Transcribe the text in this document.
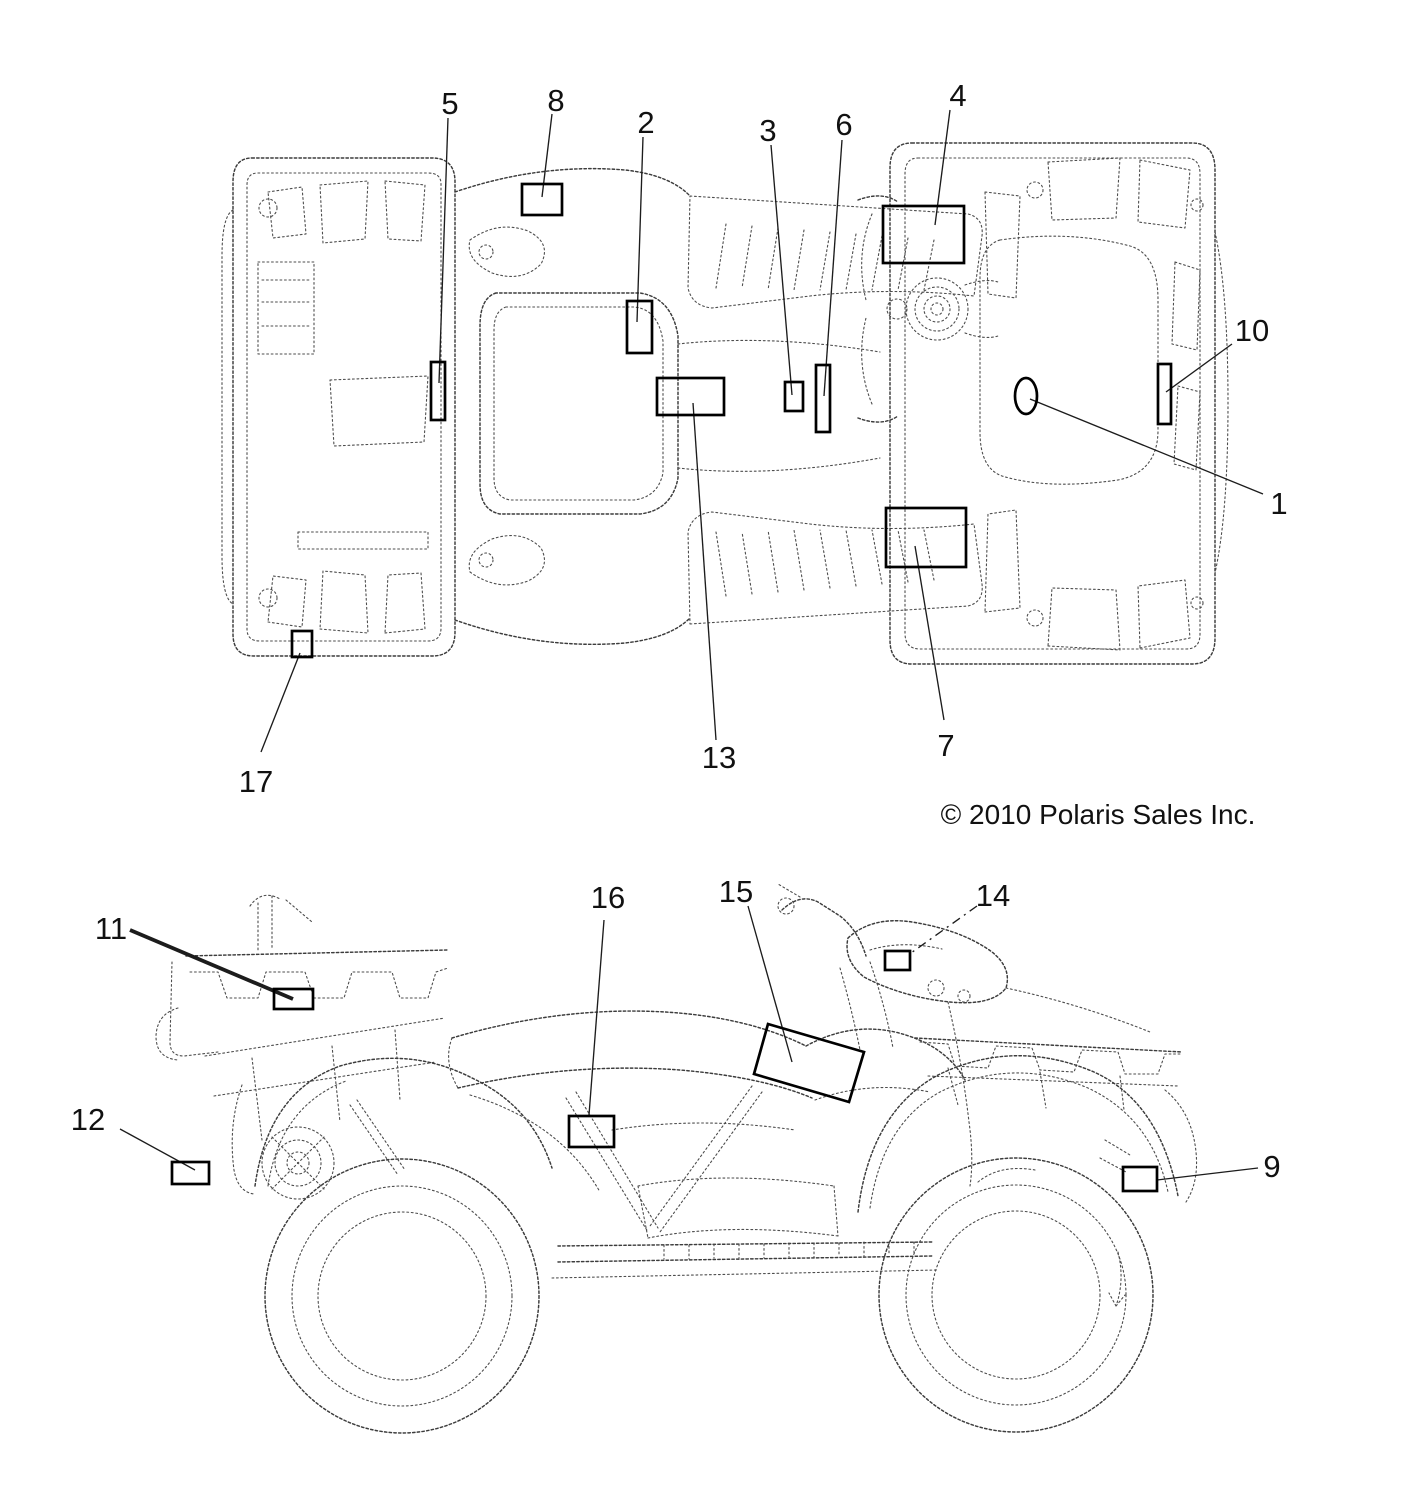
1
2	3
4
5
6
7
8
9
10
11
12
13
14
15
16
17
© 2010 Polaris Sales Inc.
